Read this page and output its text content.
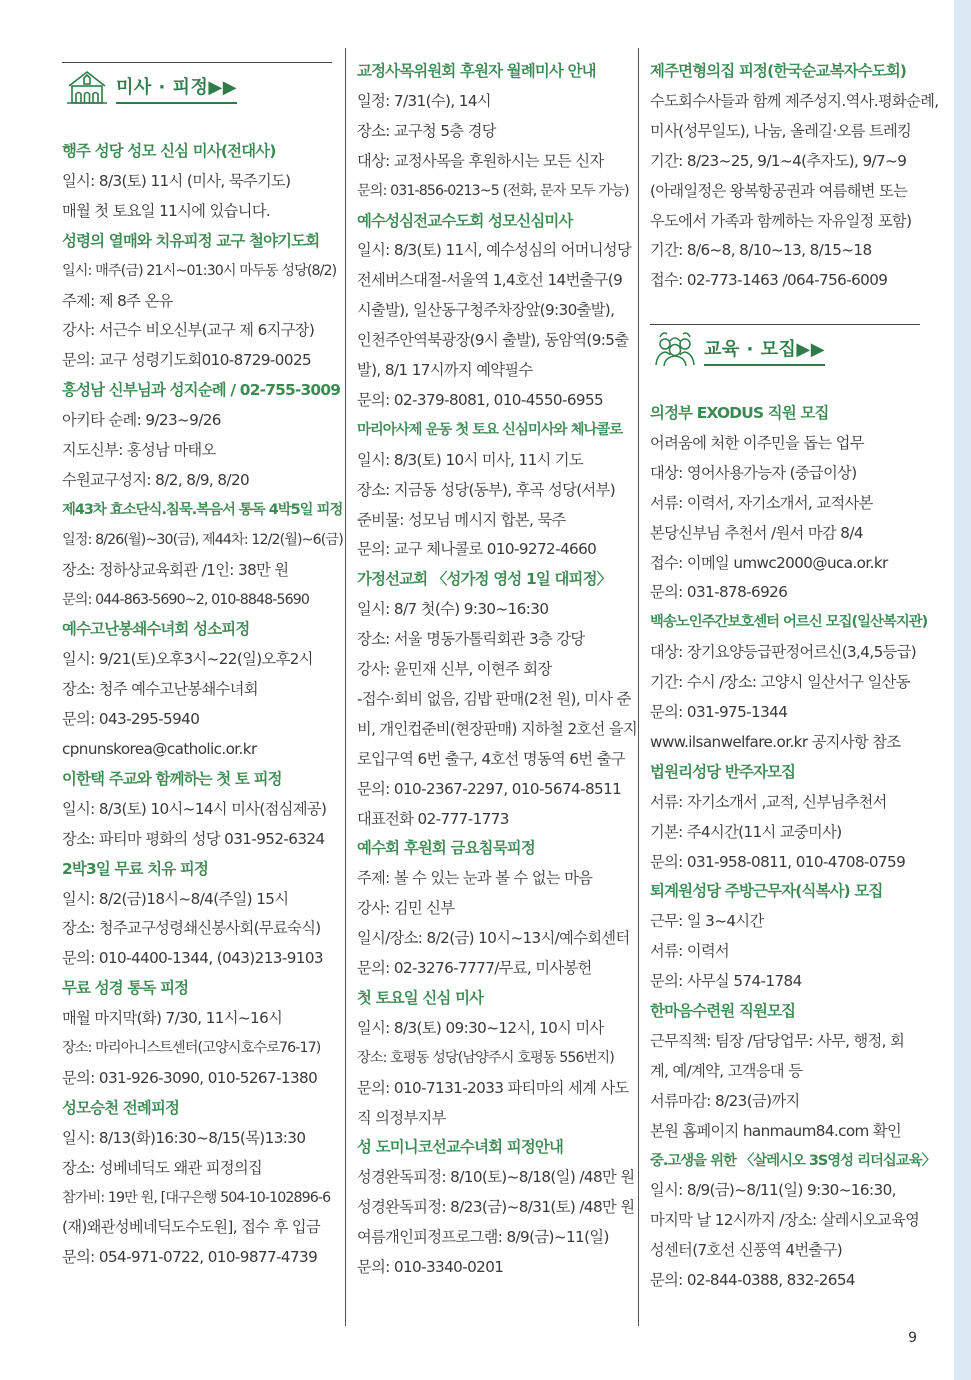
미사 · 피정▶▶
행주 성당 성모 신심 미사(전대사)
일시: 8/3(토) 11시 (미사, 묵주기도)
매월 첫 토요일 11시에 있습니다.
성령의 열매와 치유피정 교구 철야기도회
일시: 매주(금) 21시~01:30시 마두동 성당(8/2)
주제: 제 8주 온유
강사: 서근수 비오신부(교구 제 6지구장)
문의: 교구 성령기도회010-8729-0025
홍성남 신부님과 성지순례 / 02-755-3009
아키타 순례: 9/23~9/26
지도신부: 홍성남 마태오
수원교구성지: 8/2, 8/9, 8/20
제43차 효소단식.침묵.복음서 통독 4박5일 피정
일정: 8/26(월)~30(금), 제44차: 12/2(월)~6(금)
장소: 정하상교육회관 /1인: 38만 원
문의: 044-863-5690~2, 010-8848-5690
예수고난봉쇄수녀회 성소피정
일시: 9/21(토)오후3시~22(일)오후2시
장소: 청주 예수고난봉쇄수녀회
문의: 043-295-5940
cpnunskorea@catholic.or.kr
이한택 주교와 함께하는 첫 토 피정
일시: 8/3(토) 10시~14시 미사(점심제공)
장소: 파티마 평화의 성당 031-952-6324
2박3일 무료 치유 피정
일시: 8/2(금)18시~8/4(주일) 15시
장소: 청주교구성령쇄신봉사회(무료숙식)
문의: 010-4400-1344, (043)213-9103
무료 성경 통독 피정
매월 마지막(화) 7/30, 11시~16시
장소: 마리아니스트센터(고양시호수로76-17)
문의: 031-926-3090, 010-5267-1380
성모승천 전례피정
일시: 8/13(화)16:30~8/15(목)13:30
장소: 성베네딕도 왜관 피정의집
참가비: 19만 원, [대구은행 504-10-102896-6
(재)왜관성베네딕도수도원], 접수 후 입금
문의: 054-971-0722, 010-9877-4739
교정사목위원회 후원자 월례미사 안내
일정: 7/31(수), 14시
장소: 교구청 5층 경당
대상: 교정사목을 후원하시는 모든 신자
문의: 031-856-0213~5 (전화, 문자 모두 가능)
예수성심전교수도회 성모신심미사
일시: 8/3(토) 11시, 예수성심의 어머니성당
전세버스대절-서울역 1,4호선 14번출구(9
시출발), 일산동구청주차장앞(9:30출발),
인천주안역북광장(9시 출발), 동암역(9:5출
발), 8/1 17시까지 예약필수
문의: 02-379-8081, 010-4550-6955
마리아사제 운동 첫 토요 신심미사와 체나콜로
일시: 8/3(토) 10시 미사, 11시 기도
장소: 지금동 성당(동부), 후곡 성당(서부)
준비물: 성모님 메시지 합본, 묵주
문의: 교구 체나콜로 010-9272-4660
가정선교회 〈성가정 영성 1일 대피정〉
일시: 8/7 첫(수) 9:30~16:30
장소: 서울 명동가톨릭회관 3층 강당
강사: 윤민재 신부, 이현주 회장
-접수·회비 없음, 김밥 판매(2천 원), 미사 준
비, 개인컵준비(현장판매) 지하철 2호선 을지
로입구역 6번 출구, 4호선 명동역 6번 출구
문의: 010-2367-2297, 010-5674-8511
대표전화 02-777-1773
예수회 후원회 금요침묵피정
주제: 볼 수 있는 눈과 볼 수 없는 마음
강사: 김민 신부
일시/장소: 8/2(금) 10시~13시/예수회센터
문의: 02-3276-7777/무료, 미사봉헌
첫 토요일 신심 미사
일시: 8/3(토) 09:30~12시, 10시 미사
장소: 호평동 성당(남양주시 호평동 556번지)
문의: 010-7131-2033 파티마의 세계 사도
직 의정부지부
성 도미니코선교수녀회 피정안내
성경완독피정: 8/10(토)~8/18(일) /48만 원
성경완독피정: 8/23(금)~8/31(토) /48만 원
여름개인피정프로그램: 8/9(금)~11(일)
문의: 010-3340-0201
제주면형의집 피정(한국순교복자수도회)
수도회수사들과 함께 제주성지.역사.평화순례,
미사(성무일도), 나눔, 올레길·오름 트레킹
기간: 8/23~25, 9/1~4(추자도), 9/7~9
(아래일정은 왕복항공권과 여름해변 또는
우도에서 가족과 함께하는 자유일정 포함)
기간: 8/6~8, 8/10~13, 8/15~18
접수: 02-773-1463 /064-756-6009
교육 · 모집▶▶
의정부 EXODUS 직원 모집
어려움에 처한 이주민을 돕는 업무
대상: 영어사용가능자 (중급이상)
서류: 이력서, 자기소개서, 교적사본
본당신부님 추천서 /원서 마감 8/4
접수: 이메일 umwc2000@uca.or.kr
문의: 031-878-6926
백송노인주간보호센터 어르신 모집(일산복지관)
대상: 장기요양등급판정어르신(3,4,5등급)
기간: 수시 /장소: 고양시 일산서구 일산동
문의: 031-975-1344
www.ilsanwelfare.or.kr 공지사항 참조
법원리성당 반주자모집
서류: 자기소개서 ,교적, 신부님추천서
기본: 주4시간(11시 교중미사)
문의: 031-958-0811, 010-4708-0759
퇴계원성당 주방근무자(식복사) 모집
근무: 일 3~4시간
서류: 이력서
문의: 사무실 574-1784
한마음수련원 직원모집
근무직책: 팀장 /담당업무: 사무, 행정, 회
계, 예/계약, 고객응대 등
서류마감: 8/23(금)까지
본원 홈페이지 hanmaum84.com 확인
중.고생을 위한 〈살레시오 3S영성 리더십교육〉
일시: 8/9(금)~8/11(일) 9:30~16:30,
마지막 날 12시까지 /장소: 살레시오교육영
성센터(7호선 신풍역 4번출구)
문의: 02-844-0388, 832-2654
9
